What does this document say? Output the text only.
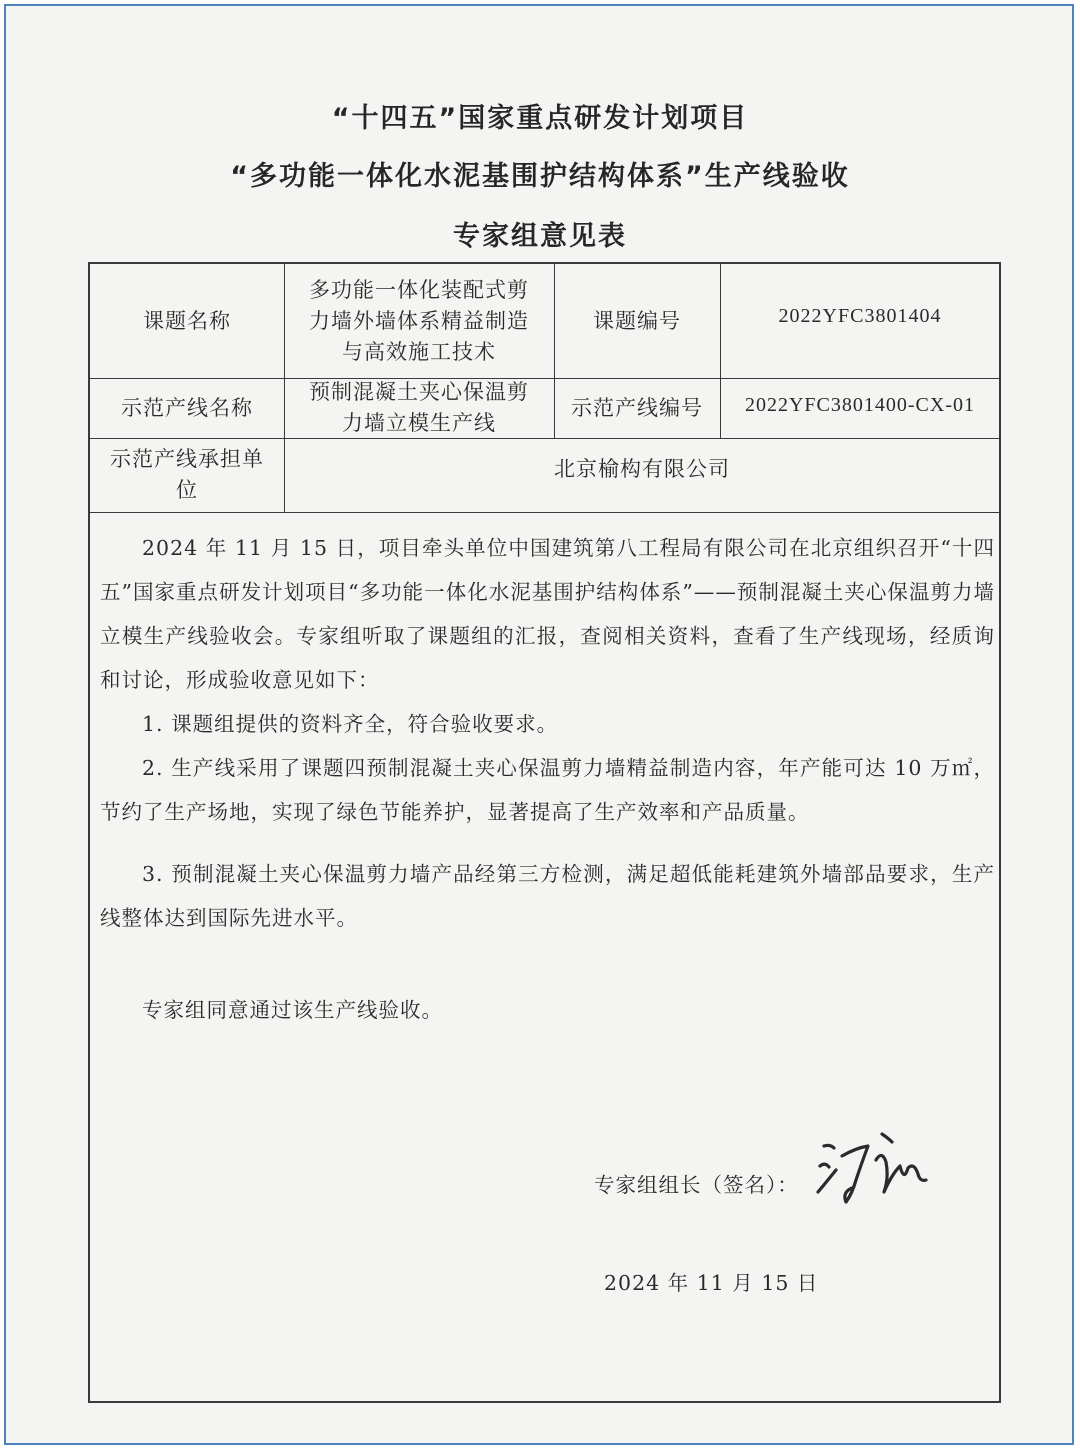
“十四五”国家重点研发计划项目
“多功能一体化水泥基围护结构体系”生产线验收
专家组意见表
课题名称
多功能一体化装配式剪
力墙外墙体系精益制造
与高效施工技术
课题编号	2022YFC3801404
示范产线名称
预制混凝土夹心保温剪
力墙立模生产线
示范产线编号	2022YFC3801400-CX-01
示范产线承担单位
北京榆构有限公司
2024 年 11 月 15 日，项目牵头单位中国建筑第八工程局有限公司在北京组织召开“十四五”国家重点研发计划项目“多功能一体化水泥基围护结构体系”——预制混凝土夹心保温剪力墙立模生产线验收会。专家组听取了课题组的汇报，查阅相关资料，查看了生产线现场，经质询和讨论，形成验收意见如下：
1. 课题组提供的资料齐全，符合验收要求。
2. 生产线采用了课题四预制混凝土夹心保温剪力墙精益制造内容，年产能可达 10 万㎡，节约了生产场地，实现了绿色节能养护，显著提高了生产效率和产品质量。
3. 预制混凝土夹心保温剪力墙产品经第三方检测，满足超低能耗建筑外墙部品要求，生产线整体达到国际先进水平。
专家组同意通过该生产线验收。
专家组组长（签名）：
2024 年 11 月 15 日
